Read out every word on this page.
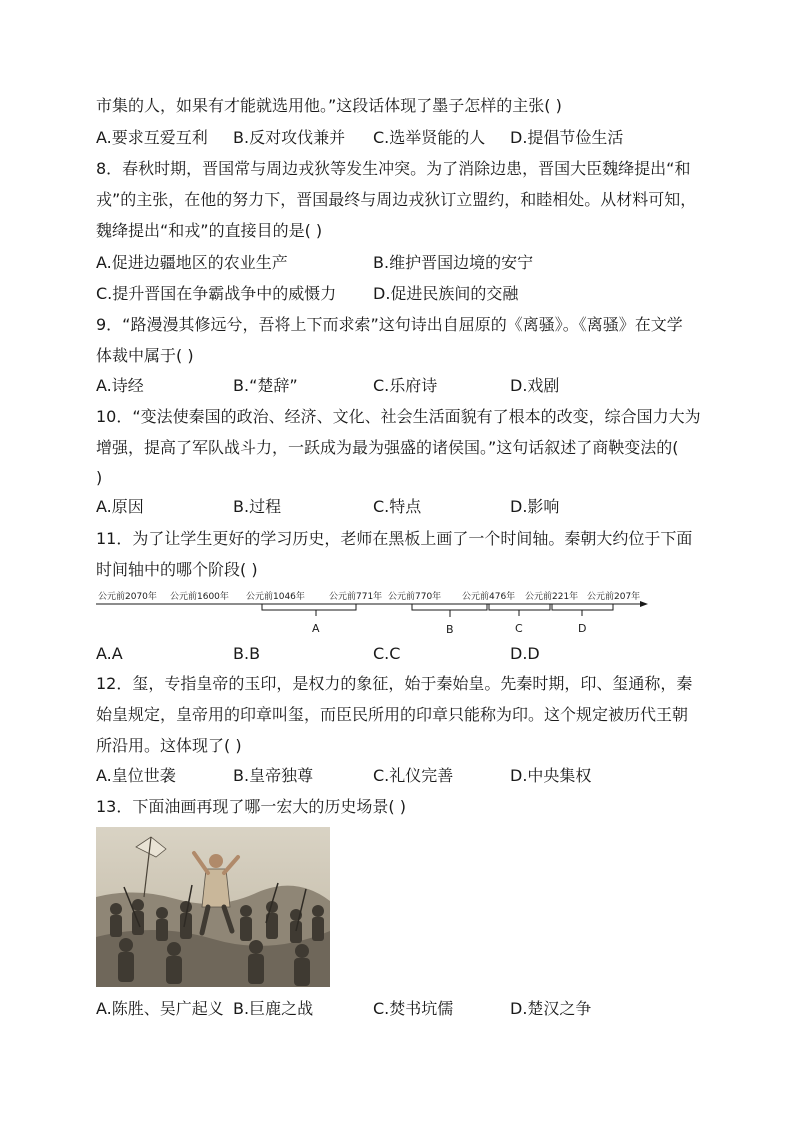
市集的人，如果有才能就选用他。”这段话体现了墨子怎样的主张( )
A.要求互爱互利 B.反对攻伐兼并 C.选举贤能的人 D.提倡节俭生活
8．春秋时期，晋国常与周边戎狄等发生冲突。为了消除边患，晋国大臣魏绛提出“和
戎”的主张，在他的努力下，晋国最终与周边戎狄订立盟约，和睦相处。从材料可知，
魏绛提出“和戎”的直接目的是( )
A.促进边疆地区的农业生产	B.维护晋国边境的安宁
C.提升晋国在争霸战争中的威慑力 D.促进民族间的交融
9．“路漫漫其修远兮，吾将上下而求索”这句诗出自屈原的《离骚》。《离骚》在文学
体裁中属于( )
A.诗经	B.“楚辞”	C.乐府诗	D.戏剧
10．“变法使秦国的政治、经济、文化、社会生活面貌有了根本的改变，综合国力大为
增强，提高了军队战斗力，一跃成为最为强盛的诸侯国。”这句话叙述了商鞅变法的(
)
A.原因	B.过程	C.特点	D.影响
11．为了让学生更好的学习历史，老师在黑板上画了一个时间轴。秦朝大约位于下面
时间轴中的哪个阶段( )
公元前2070年 公元前1600年 公元前1046年	公元前771年 公元前770年 公元前476年 公元前221年 公元前207年
A	B	C	D
A.A	B.B	C.C	D.D
12．玺，专指皇帝的玉印，是权力的象征，始于秦始皇。先秦时期，印、玺通称，秦
始皇规定，皇帝用的印章叫玺，而臣民所用的印章只能称为印。这个规定被历代王朝
所沿用。这体现了( )
A.皇位世袭	B.皇帝独尊	C.礼仪完善	D.中央集权
13．下面油画再现了哪一宏大的历史场景( )
A.陈胜、吴广起义 B.巨鹿之战	C.焚书坑儒	D.楚汉之争
